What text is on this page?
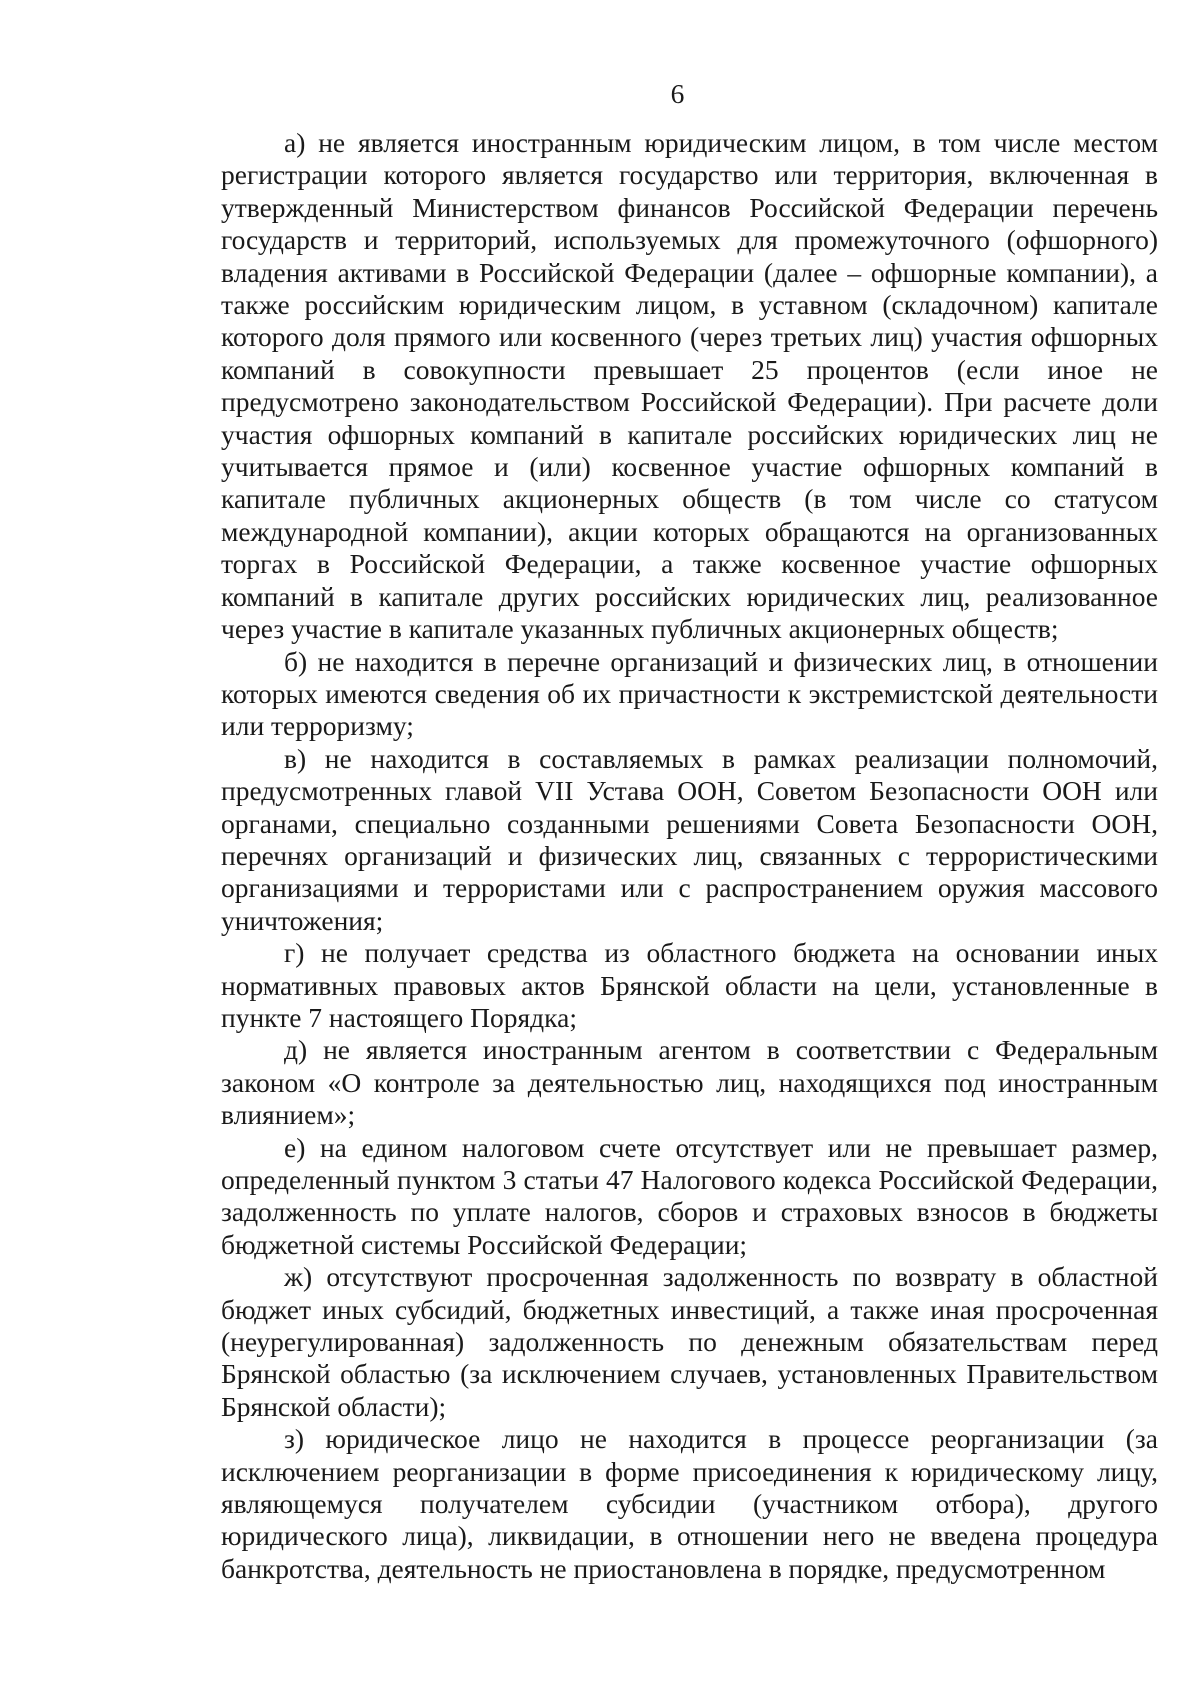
6

а) не является иностранным юридическим лицом, в том числе местом регистрации которого является государство или территория, включенная в утвержденный Министерством финансов Российской Федерации перечень государств и территорий, используемых для промежуточного (офшорного) владения активами в Российской Федерации (далее – офшорные компании), а также российским юридическим лицом, в уставном (складочном) капитале которого доля прямого или косвенного (через третьих лиц) участия офшорных компаний в совокупности превышает 25 процентов (если иное не предусмотрено законодательством Российской Федерации). При расчете доли участия офшорных компаний в капитале российских юридических лиц не учитывается прямое и (или) косвенное участие офшорных компаний в капитале публичных акционерных обществ (в том числе со статусом международной компании), акции которых обращаются на организованных торгах в Российской Федерации, а также косвенное участие офшорных компаний в капитале других российских юридических лиц, реализованное через участие в капитале указанных публичных акционерных обществ;

б) не находится в перечне организаций и физических лиц, в отношении которых имеются сведения об их причастности к экстремистской деятельности или терроризму;

в) не находится в составляемых в рамках реализации полномочий, предусмотренных главой VII Устава ООН, Советом Безопасности ООН или органами, специально созданными решениями Совета Безопасности ООН, перечнях организаций и физических лиц, связанных с террористическими организациями и террористами или с распространением оружия массового уничтожения;

г) не получает средства из областного бюджета на основании иных нормативных правовых актов Брянской области на цели, установленные в пункте 7 настоящего Порядка;

д) не является иностранным агентом в соответствии с Федеральным законом «О контроле за деятельностью лиц, находящихся под иностранным влиянием»;

е) на едином налоговом счете отсутствует или не превышает размер, определенный пунктом 3 статьи 47 Налогового кодекса Российской Федерации, задолженность по уплате налогов, сборов и страховых взносов в бюджеты бюджетной системы Российской Федерации;

ж) отсутствуют просроченная задолженность по возврату в областной бюджет иных субсидий, бюджетных инвестиций, а также иная просроченная (неурегулированная) задолженность по денежным обязательствам перед Брянской областью (за исключением случаев, установленных Правительством Брянской области);

з) юридическое лицо не находится в процессе реорганизации (за исключением реорганизации в форме присоединения к юридическому лицу, являющемуся получателем субсидии (участником отбора), другого юридического лица), ликвидации, в отношении него не введена процедура банкротства, деятельность не приостановлена в порядке, предусмотренном
